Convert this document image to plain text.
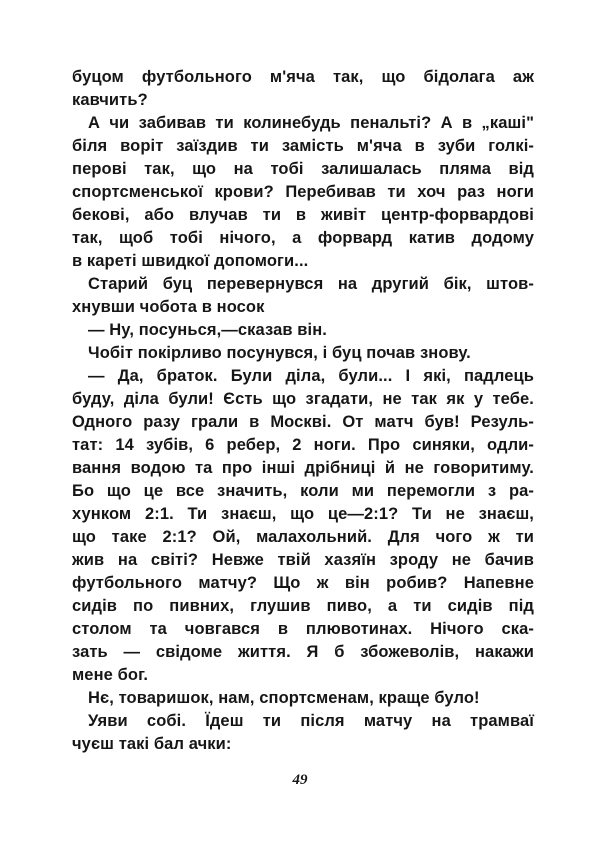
буцом футбольного м'яча так, що бідолага аж
кавчить?
А чи забивав ти колинебудь пенальті? А в „каші"
біля воріт заїздив ти замість м'яча в зуби голкі-
перові так, що на тобі залишалась пляма від
спортсменської крови? Перебивав ти хоч раз ноги
бекові, або влучав ти в живіт центр-форвардові
так, щоб тобі нічого, а форвард катив додому
в кареті швидкої допомоги...
Старий буц перевернувся на другий бік, штов-
хнувши чобота в носок
— Ну, посунься,—сказав він.
Чобіт покірливо посунувся, і буц почав знову.
— Да, браток. Були діла, були... І які, падлець
буду, діла були! Єсть що згадати, не так як у тебе.
Одного разу грали в Москві. От матч був! Резуль-
тат: 14 зубів, 6 ребер, 2 ноги. Про синяки, одли-
вання водою та про інші дрібниці й не говоритиму.
Бо що це все значить, коли ми перемогли з ра-
хунком 2:1. Ти знаєш, що це—2:1? Ти не знаєш,
що таке 2:1? Ой, малахольний. Для чого ж ти
жив на світі? Невже твій хазяїн зроду не бачив
футбольного матчу? Що ж він робив? Напевне
сидів по пивних, глушив пиво, а ти сидів під
столом та човгався в плювотинах. Нічого ска-
зать — свідоме життя. Я б збожеволів, накажи
мене бог.
Нє, товаришок, нам, спортсменам, краще було!
Уяви собі. Їдеш ти після матчу на трамваї
чуєш такі бал ачки:
49
